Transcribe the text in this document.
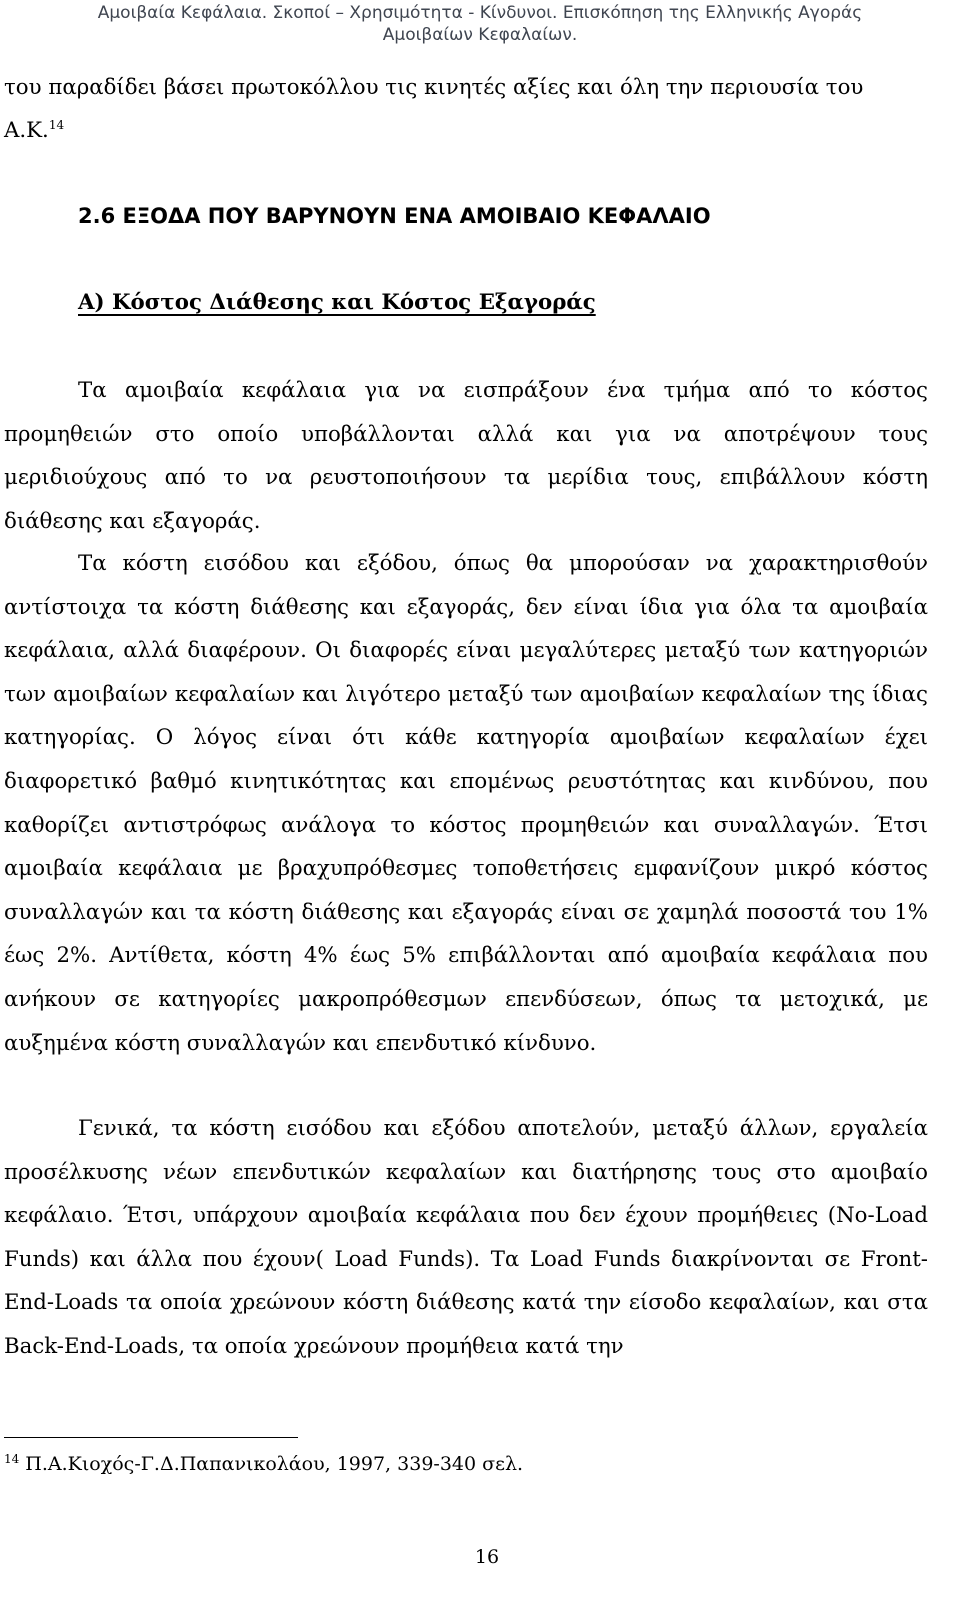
Αμοιβαία Κεφάλαια. Σκοποί – Χρησιμότητα - Κίνδυνοι. Επισκόπηση της Ελληνικής Αγοράς
Αμοιβαίων Κεφαλαίων.
του παραδίδει βάσει πρωτοκόλλου τις κινητές αξίες και όλη την περιουσία του Α.Κ.$^{14}$
2.6 ΕΞΟΔΑ ΠΟΥ ΒΑΡΥΝΟΥΝ ΕΝΑ ΑΜΟΙΒΑΙΟ ΚΕΦΑΛΑΙΟ
Α) Κόστος Διάθεσης και Κόστος Εξαγοράς

Τα αμοιβαία κεφάλαια για να εισπράξουν ένα τμήμα από το κόστος προμηθειών στο οποίο υποβάλλονται αλλά και για να αποτρέψουν τους μεριδιούχους από το να ρευστοποιήσουν τα μερίδια τους, επιβάλλουν κόστη διάθεσης και εξαγοράς.

Τα κόστη εισόδου και εξόδου, όπως θα μπορούσαν να χαρακτηρισθούν αντίστοιχα τα κόστη διάθεσης και εξαγοράς, δεν είναι ίδια για όλα τα αμοιβαία κεφάλαια, αλλά διαφέρουν. Οι διαφορές είναι μεγαλύτερες μεταξύ των κατηγοριών των αμοιβαίων κεφαλαίων και λιγότερο μεταξύ των αμοιβαίων κεφαλαίων της ίδιας κατηγορίας. Ο λόγος είναι ότι κάθε κατηγορία αμοιβαίων κεφαλαίων έχει διαφορετικό βαθμό κινητικότητας και επομένως ρευστότητας και κινδύνου, που καθορίζει αντιστρόφως ανάλογα το κόστος προμηθειών και συναλλαγών. Έτσι αμοιβαία κεφάλαια με βραχυπρόθεσμες τοποθετήσεις εμφανίζουν μικρό κόστος συναλλαγών και τα κόστη διάθεσης και εξαγοράς είναι σε χαμηλά ποσοστά του 1% έως 2%. Αντίθετα, κόστη 4% έως 5% επιβάλλονται από αμοιβαία κεφάλαια που ανήκουν σε κατηγορίες μακροπρόθεσμων επενδύσεων, όπως τα μετοχικά, με αυξημένα κόστη συναλλαγών και επενδυτικό κίνδυνο.

Γενικά, τα κόστη εισόδου και εξόδου αποτελούν, μεταξύ άλλων, εργαλεία προσέλκυσης νέων επενδυτικών κεφαλαίων και διατήρησης τους στο αμοιβαίο κεφάλαιο. Έτσι, υπάρχουν αμοιβαία κεφάλαια που δεν έχουν προμήθειες (No-Load Funds) και άλλα που έχουν( Load Funds). Τα Load Funds διακρίνονται σε Front-End-Loads τα οποία χρεώνουν κόστη διάθεσης κατά την είσοδο κεφαλαίων, και στα Back-End-Loads, τα οποία χρεώνουν προμήθεια κατά την

$^{14}$ Π.Α.Κιοχός-Γ.Δ.Παπανικολάου, 1997, 339-340 σελ.

16
